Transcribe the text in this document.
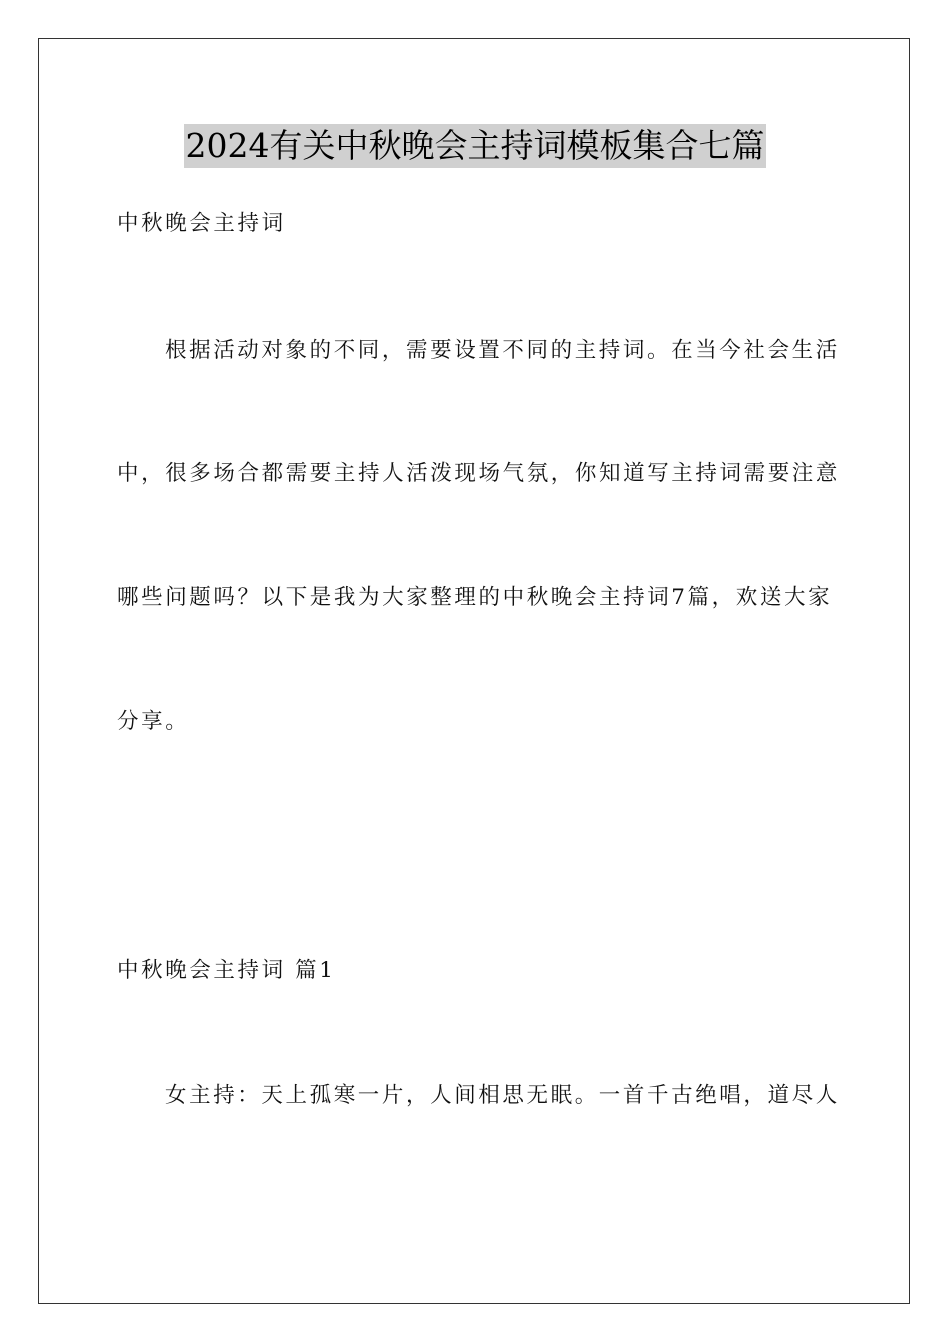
2024有关中秋晚会主持词模板集合七篇
中秋晚会主持词
根据活动对象的不同，需要设置不同的主持词。在当今社会生活
中，很多场合都需要主持人活泼现场气氛，你知道写主持词需要注意
哪些问题吗？以下是我为大家整理的中秋晚会主持词7篇，欢送大家
分享。
中秋晚会主持词 篇1
女主持：天上孤寒一片，人间相思无眠。一首千古绝唱，道尽人
